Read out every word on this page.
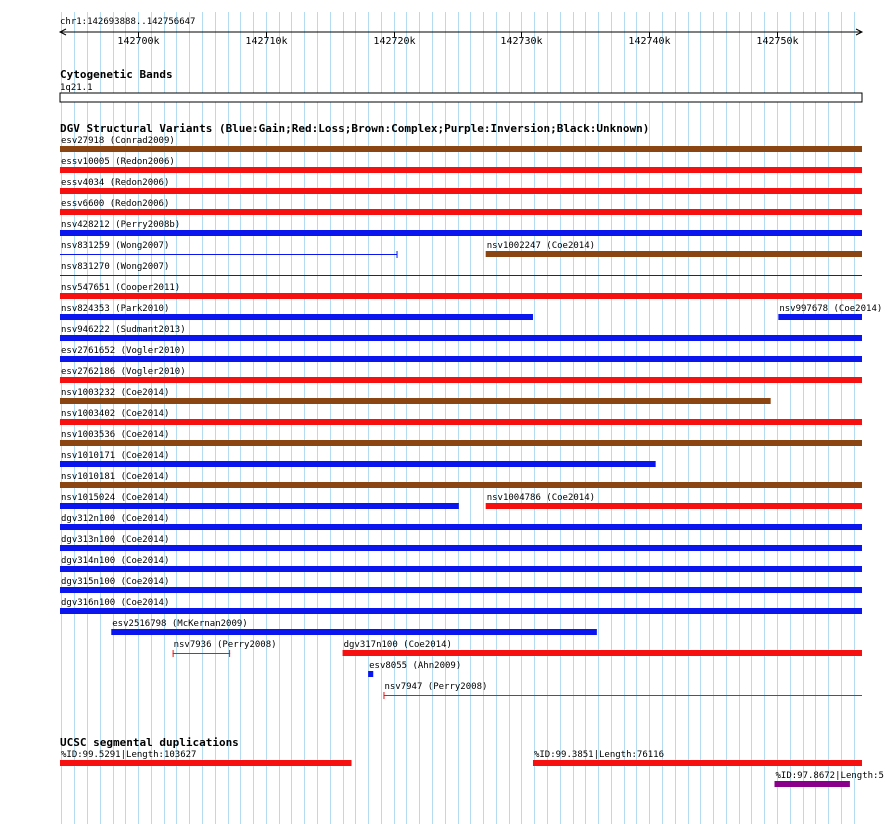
chr1:142693888..142756647
142700k	142710k	142720k	142730k	142740k	142750k
Cytogenetic Bands
1q21.1
DGV Structural Variants (Blue:Gain;Red:Loss;Brown:Complex;Purple:Inversion;Black:Unknown)
esv27918 (Conrad2009)
essv10005 (Redon2006)
essv4034 (Redon2006)
essv6600 (Redon2006)
nsv428212 (Perry2008b)
nsv831259 (Wong2007)	nsv1002247 (Coe2014)
nsv831270 (Wong2007)
nsv547651 (Cooper2011)
nsv824353 (Park2010)	nsv997678 (Coe2014)
nsv946222 (Sudmant2013)
esv2761652 (Vogler2010)
esv2762186 (Vogler2010)
nsv1003232 (Coe2014)
nsv1003402 (Coe2014)
nsv1003536 (Coe2014)
nsv1010171 (Coe2014)
nsv1010181 (Coe2014)
nsv1015024 (Coe2014)	nsv1004786 (Coe2014)
dgv312n100 (Coe2014)
dgv313n100 (Coe2014)
dgv314n100 (Coe2014)
dgv315n100 (Coe2014)
dgv316n100 (Coe2014)
esv2516798 (McKernan2009)
nsv7936 (Perry2008)	dgv317n100 (Coe2014)
esv8055 (Ahn2009)
nsv7947 (Perry2008)
UCSC segmental duplications
%ID:99.5291|Length:103627	%ID:99.3851|Length:76116
%ID:97.8672|Length:5
